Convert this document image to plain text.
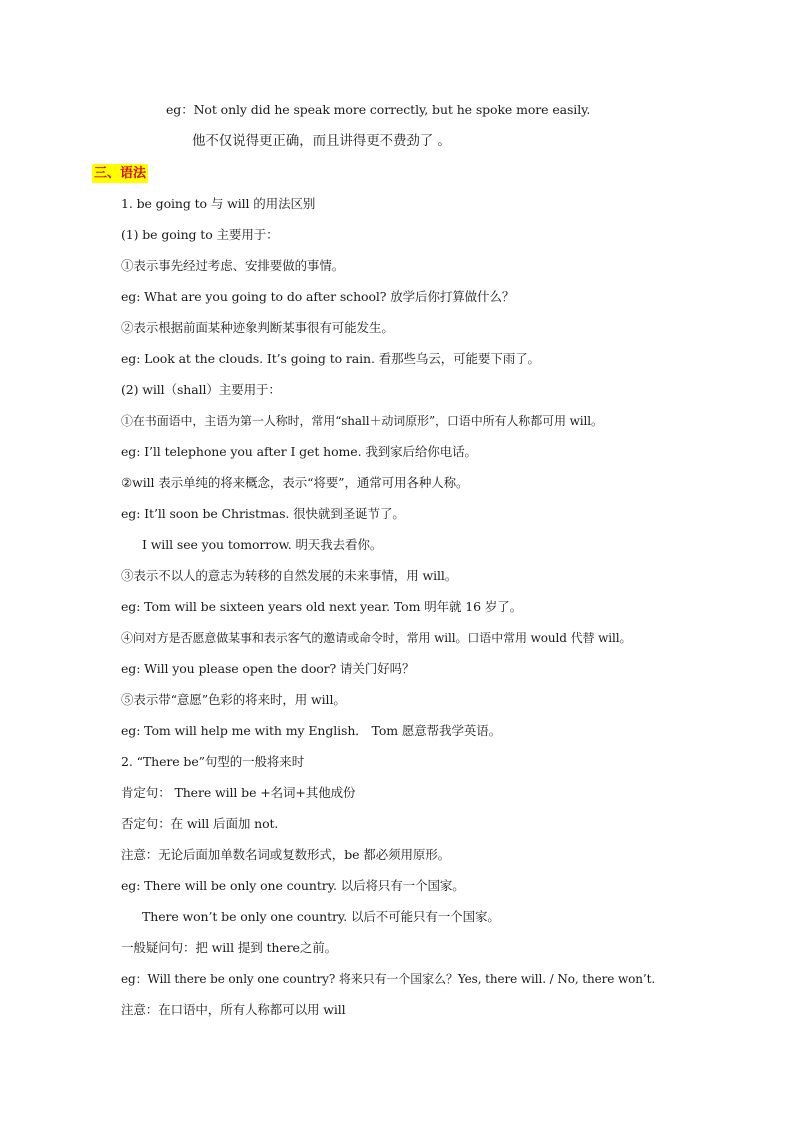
eg：Not only did he speak more correctly, but he spoke more easily.
他不仅说得更正确，而且讲得更不费劲了 。
三、语法
1. be going to 与 will 的用法区别
(1) be going to 主要用于：
①表示事先经过考虑、安排要做的事情。
eg: What are you going to do after school? 放学后你打算做什么？
②表示根据前面某种迹象判断某事很有可能发生。
eg: Look at the clouds. It’s going to rain. 看那些乌云，可能要下雨了。
(2) will（shall）主要用于：
①在书面语中，主语为第一人称时，常用“shall＋动词原形”，口语中所有人称都可用 will。
eg: I’ll telephone you after I get home. 我到家后给你电话。
②will 表示单纯的将来概念，表示“将要”，通常可用各种人称。
eg: It’ll soon be Christmas. 很快就到圣诞节了。
I will see you tomorrow. 明天我去看你。
③表示不以人的意志为转移的自然发展的未来事情，用 will。
eg: Tom will be sixteen years old next year. Tom 明年就 16 岁了。
④问对方是否愿意做某事和表示客气的邀请或命令时，常用 will。口语中常用 would 代替 will。
eg: Will you please open the door? 请关门好吗？
⑤表示带“意愿”色彩的将来时，用 will。
eg: Tom will help me with my English． Tom 愿意帮我学英语。
2. “There be”句型的一般将来时
肯定句： There will be +名词+其他成份
否定句：在 will 后面加 not.
注意：无论后面加单数名词或复数形式，be 都必须用原形。
eg: There will be only one country. 以后将只有一个国家。
There won’t be only one country. 以后不可能只有一个国家。
一般疑问句：把 will 提到 there之前。
eg：Will there be only one country? 将来只有一个国家么？Yes, there will. / No, there won’t.
注意：在口语中，所有人称都可以用 will
